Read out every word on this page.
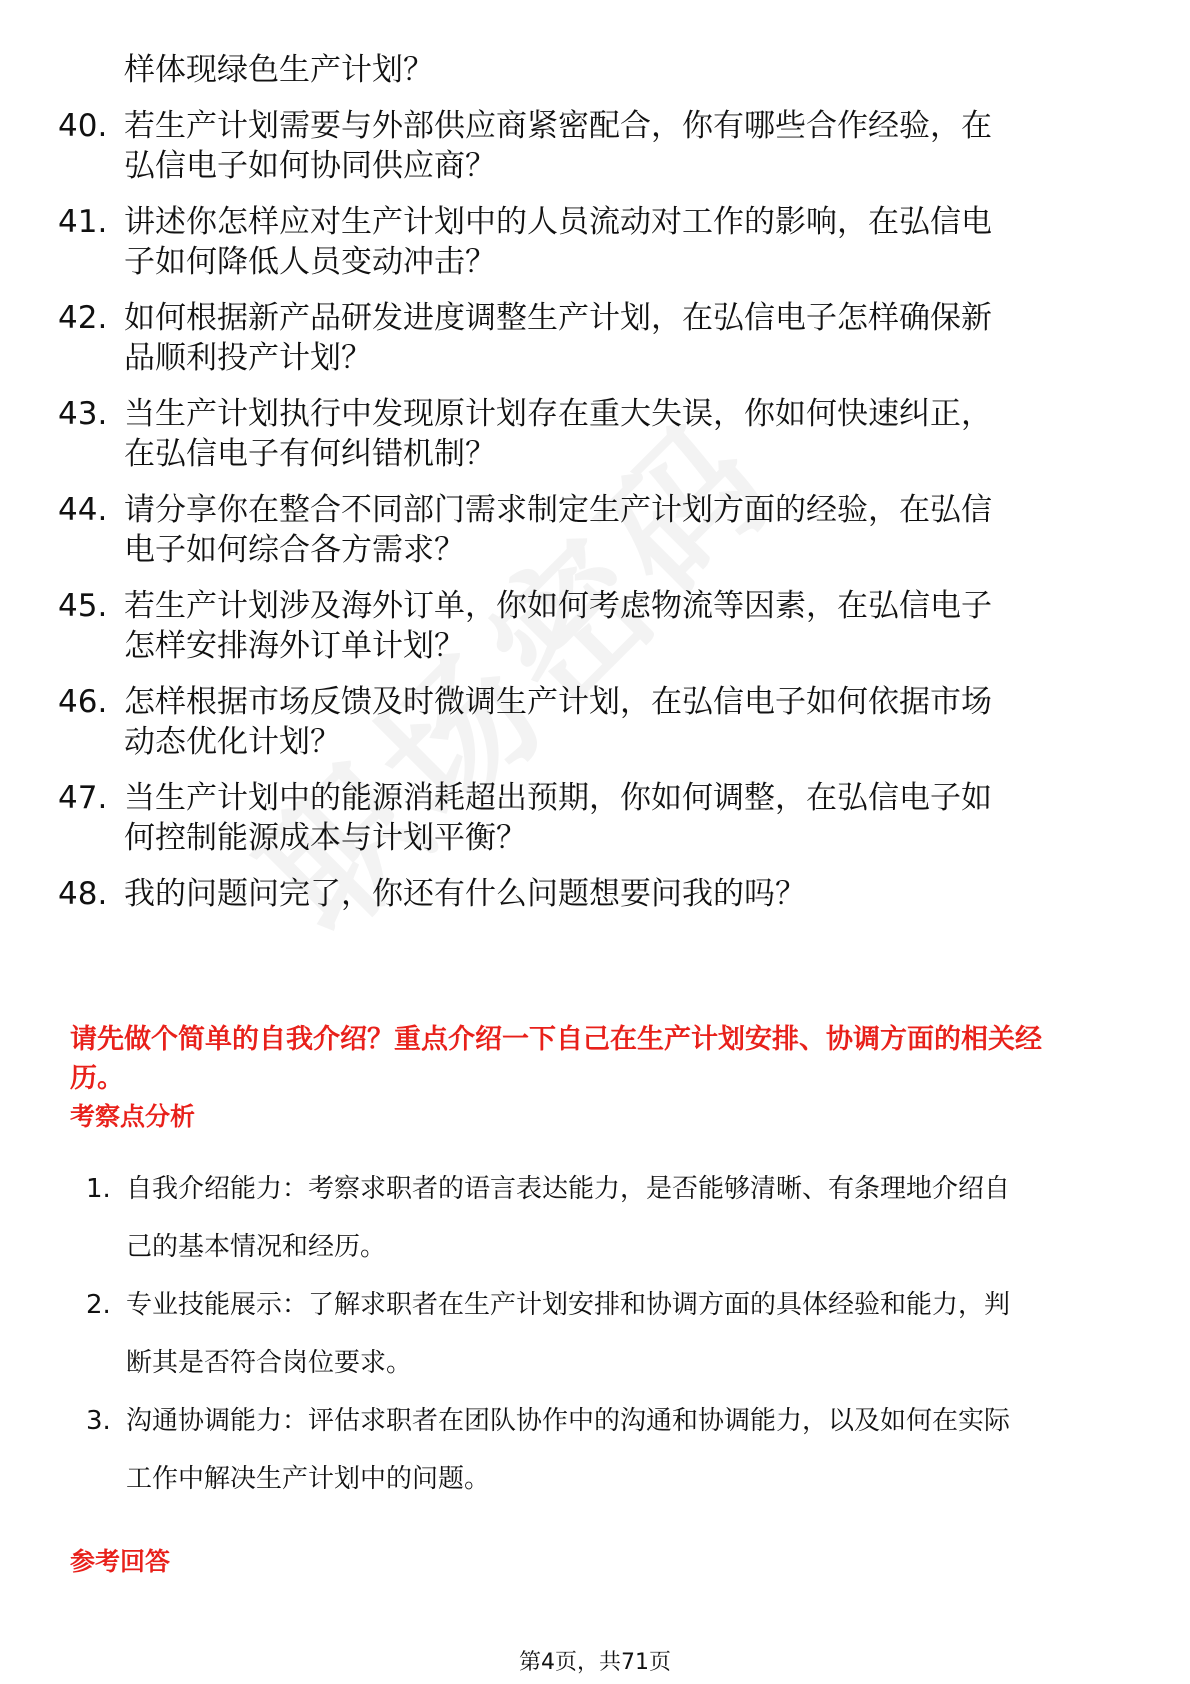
样体现绿色生产计划？
40. 若生产计划需要与外部供应商紧密配合，你有哪些合作经验，在
弘信电子如何协同供应商？
41. 讲述你怎样应对生产计划中的人员流动对工作的影响，在弘信电
子如何降低人员变动冲击？
42. 如何根据新产品研发进度调整生产计划，在弘信电子怎样确保新
品顺利投产计划？
43. 当生产计划执行中发现原计划存在重大失误，你如何快速纠正，
在弘信电子有何纠错机制？
44. 请分享你在整合不同部门需求制定生产计划方面的经验，在弘信
电子如何综合各方需求？
45. 若生产计划涉及海外订单，你如何考虑物流等因素，在弘信电子
怎样安排海外订单计划？
46. 怎样根据市场反馈及时微调生产计划，在弘信电子如何依据市场
动态优化计划？
47. 当生产计划中的能源消耗超出预期，你如何调整，在弘信电子如
何控制能源成本与计划平衡？
48. 我的问题问完了，你还有什么问题想要问我的吗？
请先做个简单的自我介绍？重点介绍一下自己在生产计划安排、协调方面的相关经
历。
考察点分析
1. 自我介绍能力：考察求职者的语言表达能力，是否能够清晰、有条理地介绍自
己的基本情况和经历。
2. 专业技能展示：了解求职者在生产计划安排和协调方面的具体经验和能力，判
断其是否符合岗位要求。
3. 沟通协调能力：评估求职者在团队协作中的沟通和协调能力，以及如何在实际
工作中解决生产计划中的问题。
参考回答
第4页，共71页
